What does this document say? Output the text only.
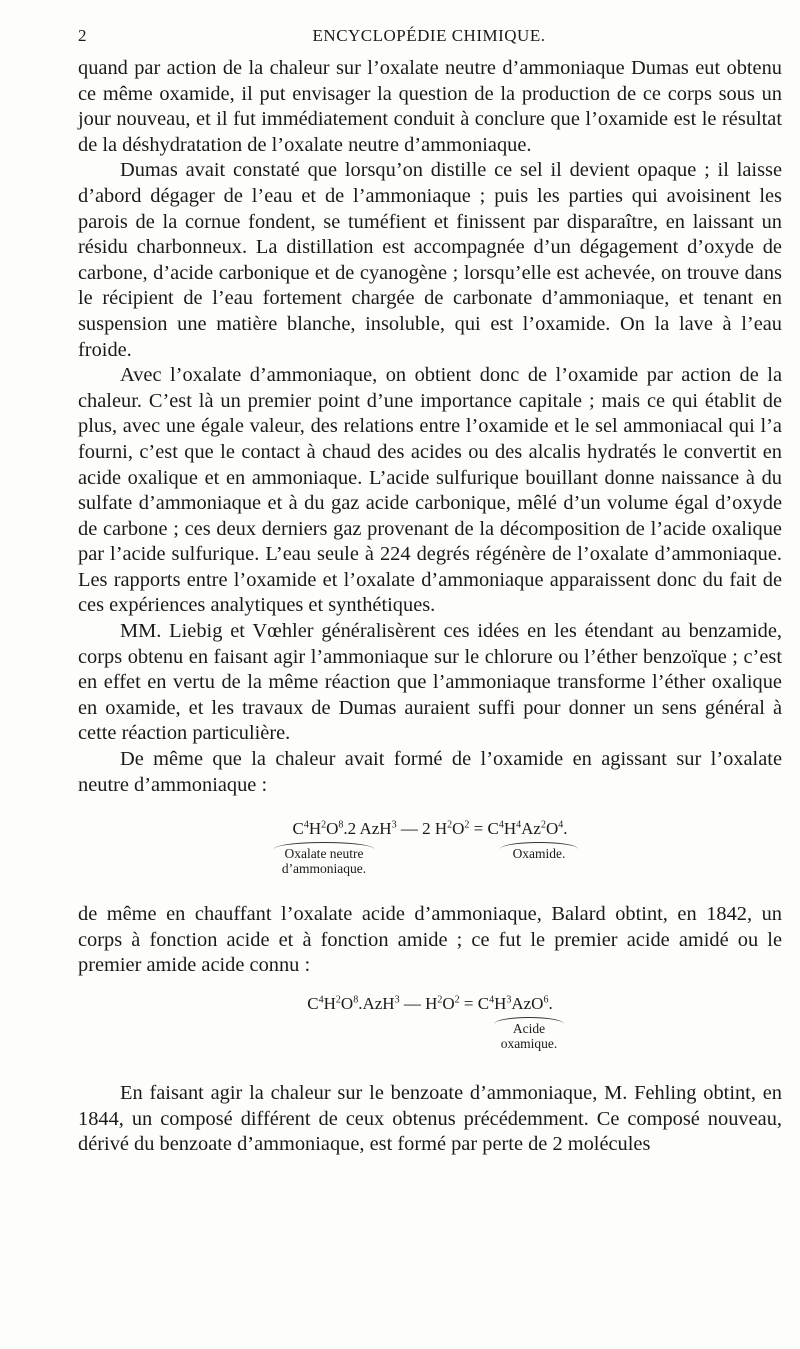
2	ENCYCLOPÉDIE CHIMIQUE.

quand par action de la chaleur sur l’oxalate neutre d’ammoniaque Dumas eut obtenu ce même oxamide, il put envisager la question de la production de ce corps sous un jour nouveau, et il fut immédiatement conduit à conclure que l’oxamide est le résultat de la déshydratation de l’oxalate neutre d’ammoniaque.

Dumas avait constaté que lorsqu’on distille ce sel il devient opaque ; il laisse d’abord dégager de l’eau et de l’ammoniaque ; puis les parties qui avoisinent les parois de la cornue fondent, se tuméfient et finissent par disparaître, en laissant un résidu charbonneux. La distillation est accompagnée d’un dégagement d’oxyde de carbone, d’acide carbonique et de cyanogène ; lorsqu’elle est achevée, on trouve dans le récipient de l’eau fortement chargée de carbonate d’ammoniaque, et tenant en suspension une matière blanche, insoluble, qui est l’oxamide. On la lave à l’eau froide.

Avec l’oxalate d’ammoniaque, on obtient donc de l’oxamide par action de la chaleur. C’est là un premier point d’une importance capitale ; mais ce qui établit de plus, avec une égale valeur, des relations entre l’oxamide et le sel ammoniacal qui l’a fourni, c’est que le contact à chaud des acides ou des alcalis hydratés le convertit en acide oxalique et en ammoniaque. L’acide sulfurique bouillant donne naissance à du sulfate d’ammoniaque et à du gaz acide carbonique, mêlé d’un volume égal d’oxyde de carbone ; ces deux derniers gaz provenant de la décomposition de l’acide oxalique par l’acide sulfurique. L’eau seule à 224 degrés régénère de l’oxalate d’ammoniaque. Les rapports entre l’oxamide et l’oxalate d’ammoniaque apparaissent donc du fait de ces expériences analytiques et synthétiques.

MM. Liebig et Vœhler généralisèrent ces idées en les étendant au benzamide, corps obtenu en faisant agir l’ammoniaque sur le chlorure ou l’éther benzoïque ; c’est en effet en vertu de la même réaction que l’ammoniaque transforme l’éther oxalique en oxamide, et les travaux de Dumas auraient suffi pour donner un sens général à cette réaction particulière.

De même que la chaleur avait formé de l’oxamide en agissant sur l’oxalate neutre d’ammoniaque :

$C^4H^2O^8.2$ AzH$^3$ — 2 $H^2O^2 = C^4H^4Az^2O^4$.
Oxalate neutre
d’ammoniaque.
Oxamide.

de même en chauffant l’oxalate acide d’ammoniaque, Balard obtint, en 1842, un corps à fonction acide et à fonction amide ; ce fut le premier acide amidé ou le premier amide acide connu :

$C^4H^2O^8.AzH^3$ — $H^2O^2 = C^4H^3AzO^6$.
Acide
oxamique.

En faisant agir la chaleur sur le benzoate d’ammoniaque, M. Fehling obtint, en 1844, un composé différent de ceux obtenus précédemment. Ce composé nouveau, dérivé du benzoate d’ammoniaque, est formé par perte de 2 molécules
